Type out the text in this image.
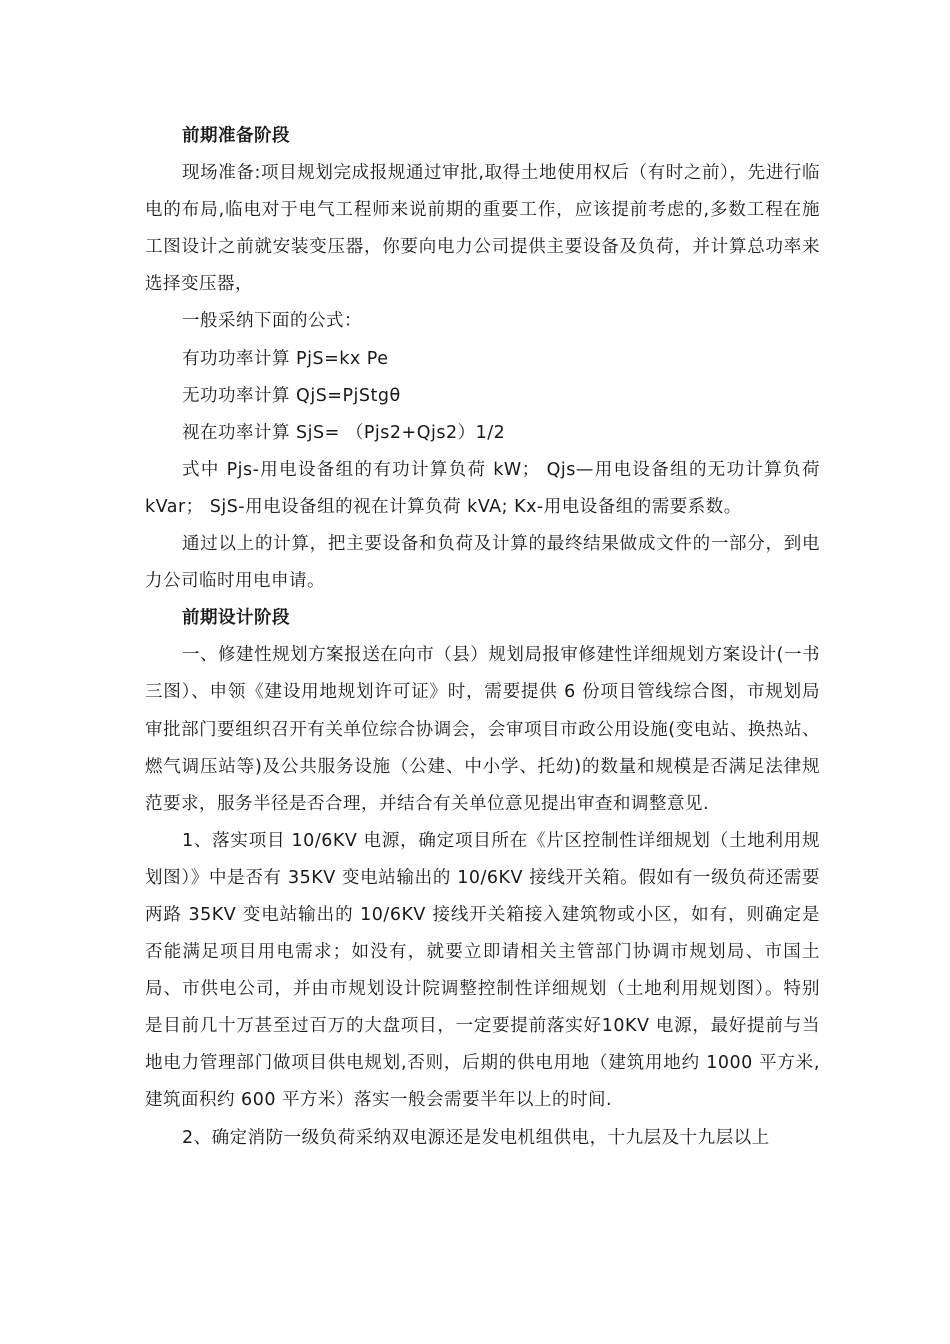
前期准备阶段

现场准备:项目规划完成报规通过审批,取得土地使用权后（有时之前），先进行临电的布局,临电对于电气工程师来说前期的重要工作，应该提前考虑的,多数工程在施工图设计之前就安装变压器，你要向电力公司提供主要设备及负荷，并计算总功率来选择变压器，

一般采纳下面的公式：

有功功率计算 PjS=kx Pe

无功功率计算 QjS=PjStgθ

视在功率计算 SjS= （Pjs2+Qjs2）1/2

式中 Pjs-用电设备组的有功计算负荷 kW； Qjs—用电设备组的无功计算负荷 kVar； SjS-用电设备组的视在计算负荷 kVA; Kx-用电设备组的需要系数。

通过以上的计算，把主要设备和负荷及计算的最终结果做成文件的一部分，到电力公司临时用电申请。

前期设计阶段

一、修建性规划方案报送在向市（县）规划局报审修建性详细规划方案设计(一书三图）、申领《建设用地规划许可证》时，需要提供 6 份项目管线综合图，市规划局审批部门要组织召开有关单位综合协调会，会审项目市政公用设施(变电站、换热站、燃气调压站等)及公共服务设施（公建、中小学、托幼)的数量和规模是否满足法律规范要求，服务半径是否合理，并结合有关单位意见提出审查和调整意见.

1、落实项目 10/6KV 电源，确定项目所在《片区控制性详细规划（土地利用规划图）》中是否有 35KV 变电站输出的 10/6KV 接线开关箱。假如有一级负荷还需要两路 35KV 变电站输出的 10/6KV 接线开关箱接入建筑物或小区，如有，则确定是否能满足项目用电需求；如没有，就要立即请相关主管部门协调市规划局、市国土局、市供电公司，并由市规划设计院调整控制性详细规划（土地利用规划图）。特别是目前几十万甚至过百万的大盘项目，一定要提前落实好10KV 电源，最好提前与当地电力管理部门做项目供电规划,否则，后期的供电用地（建筑用地约 1000 平方米,建筑面积约 600 平方米）落实一般会需要半年以上的时间.

2、确定消防一级负荷采纳双电源还是发电机组供电，十九层及十九层以上
